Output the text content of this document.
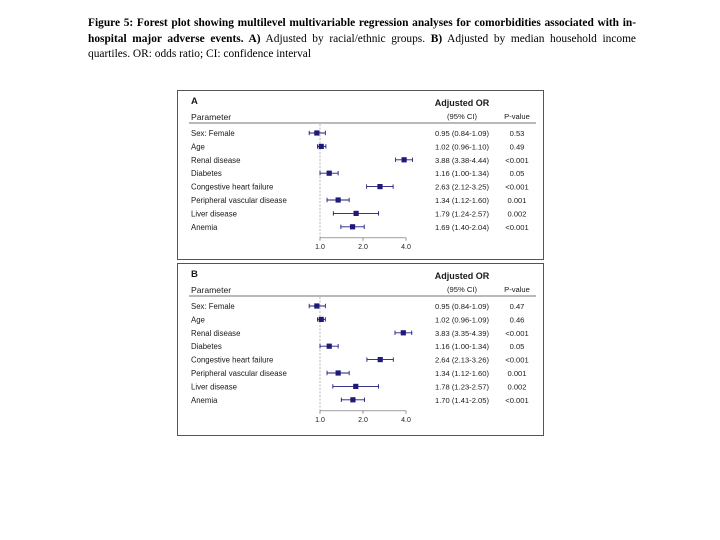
Figure 5: Forest plot showing multilevel multivariable regression analyses for comorbidities associated with in-hospital major adverse events. A) Adjusted by racial/ethnic groups. B) Adjusted by median household income quartiles. OR: odds ratio; CI: confidence interval
A	Adjusted OR
(95% CI)	P-value
Parameter
Sex: Female	0.95 (0.84-1.09)	0.53
Age	1.02 (0.96-1.10)	0.49
Renal disease	3.88 (3.38-4.44) <0.001
Diabetes	1.16 (1.00-1.34)	0.05
Congestive heart failure	2.63 (2.12-3.25) <0.001
Peripheral vascular disease	1.34 (1.12-1.60) 0.001
Liver disease	1.79 (1.24-2.57) 0.002
Anemia	1.69 (1.40-2.04) <0.001
1.0	2.0	4.0
B	Adjusted OR
(95% CI)	P-value
Parameter
Sex: Female	0.95 (0.84-1.09)	0.47
Age	1.02 (0.96-1.09)	0.46
Renal disease	3.83 (3.35-4.39) <0.001
Diabetes	1.16 (1.00-1.34)	0.05
Congestive heart failure	2.64 (2.13-3.26) <0.001
Peripheral vascular disease	1.34 (1.12-1.60) 0.001
Liver disease	1.78 (1.23-2.57) 0.002
Anemia	1.70 (1.41-2.05) <0.001
1.0	2.0	4.0
